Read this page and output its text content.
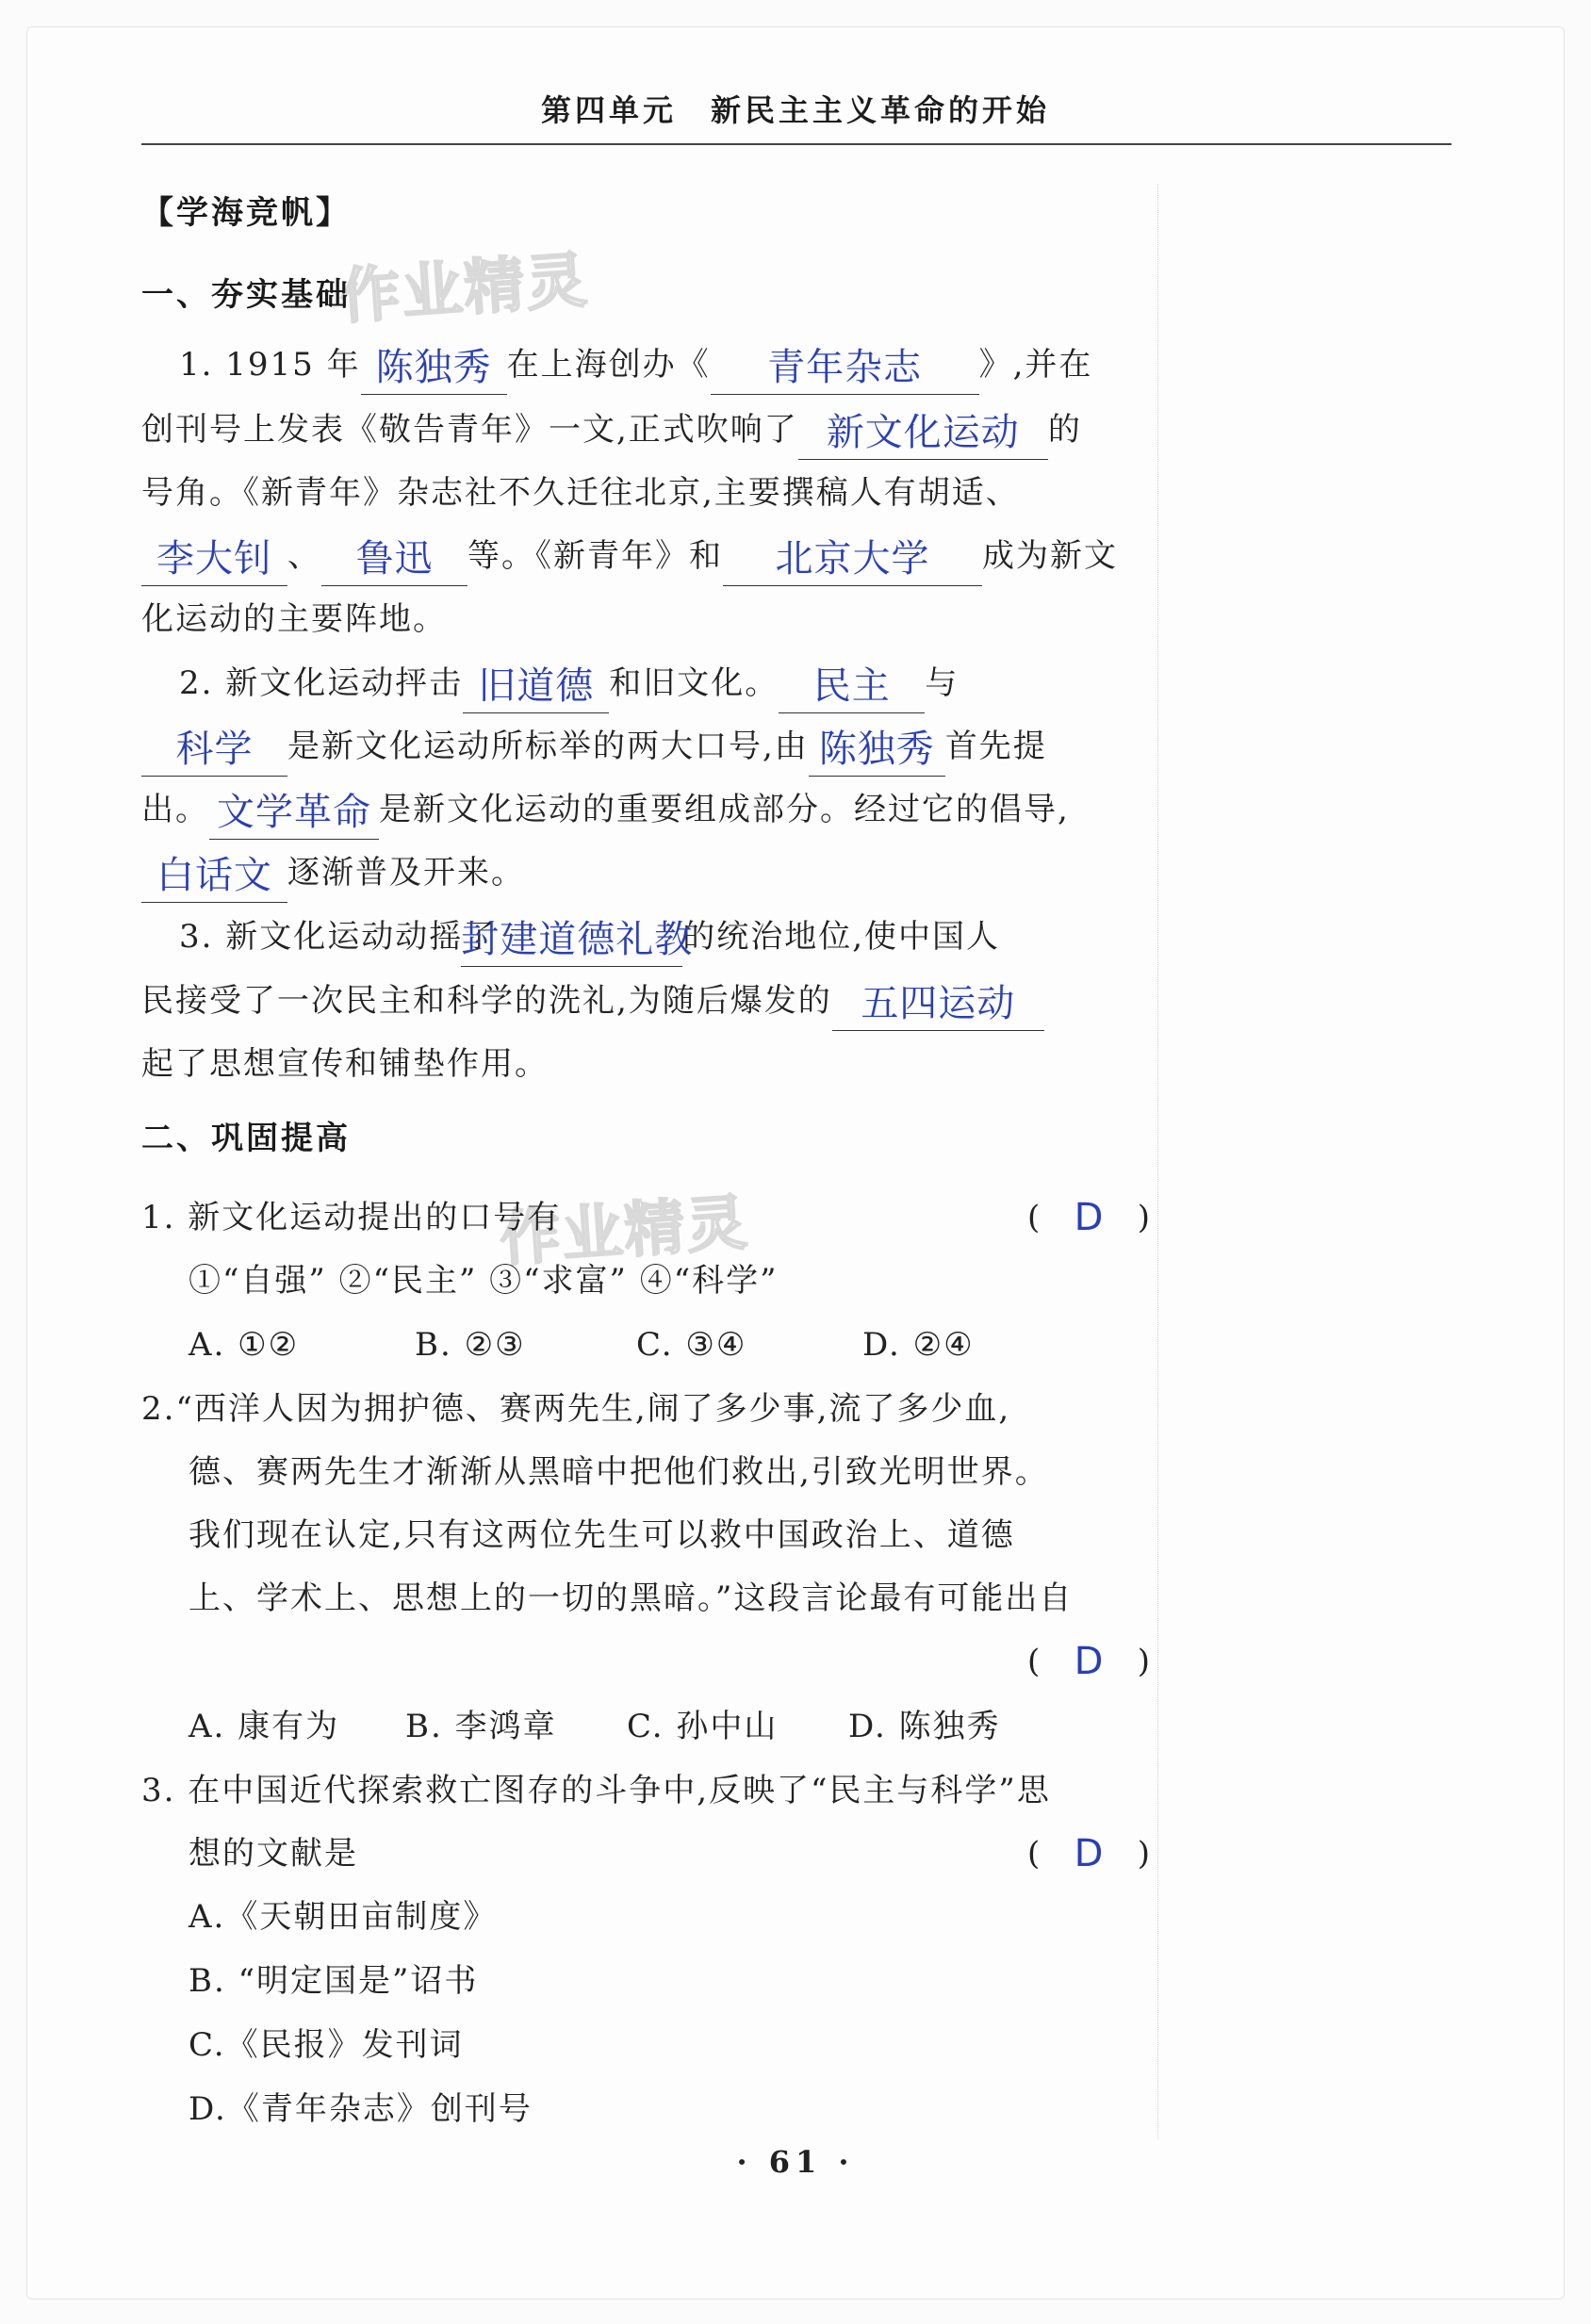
第四单元 新民主主义革命的开始
作业精灵
作业精灵
【学海竞帆】
一、夯实基础
1. 1915 年 陈独秀 在上海创办《	青年杂志	》,并在
创刊号上发表《敬告青年》一文,正式吹响了 新文化运动 的
号角。《新青年》杂志社不久迁往北京,主要撰稿人有胡适、
李大钊 、 鲁迅	等。《新青年》和	北京大学	成为新文
化运动的主要阵地。
2. 新文化运动抨击 旧道德 和旧文化。 民主	与
科学	是新文化运动所标举的两大口号,由 陈独秀 首先提
出。 文学革命 是新文化运动的重要组成部分。经过它的倡导,
白话文 逐渐普及开来。
3. 新文化运动动摇了
封建道德礼教
的统治地位,使中国人
民接受了一次民主和科学的洗礼,为随后爆发的 五四运动
起了思想宣传和铺垫作用。
二、巩固提高
1. 新文化运动提出的口号有	( D )
①“自强” ②“民主” ③“求富” ④“科学”
A. ①②	B. ②③	C. ③④	D. ②④
2.“西洋人因为拥护德、赛两先生,闹了多少事,流了多少血,
德、赛两先生才渐渐从黑暗中把他们救出,引致光明世界。
我们现在认定,只有这两位先生可以救中国政治上、道德
上、学术上、思想上的一切的黑暗。”这段言论最有可能出自
( D )
A. 康有为 B. 李鸿章 C. 孙中山 D. 陈独秀
3. 在中国近代探索救亡图存的斗争中,反映了“民主与科学”思
想的文献是	( D )
A.《天朝田亩制度》
B. “明定国是”诏书
C.《民报》发刊词
D.《青年杂志》创刊号
· 61 ·
